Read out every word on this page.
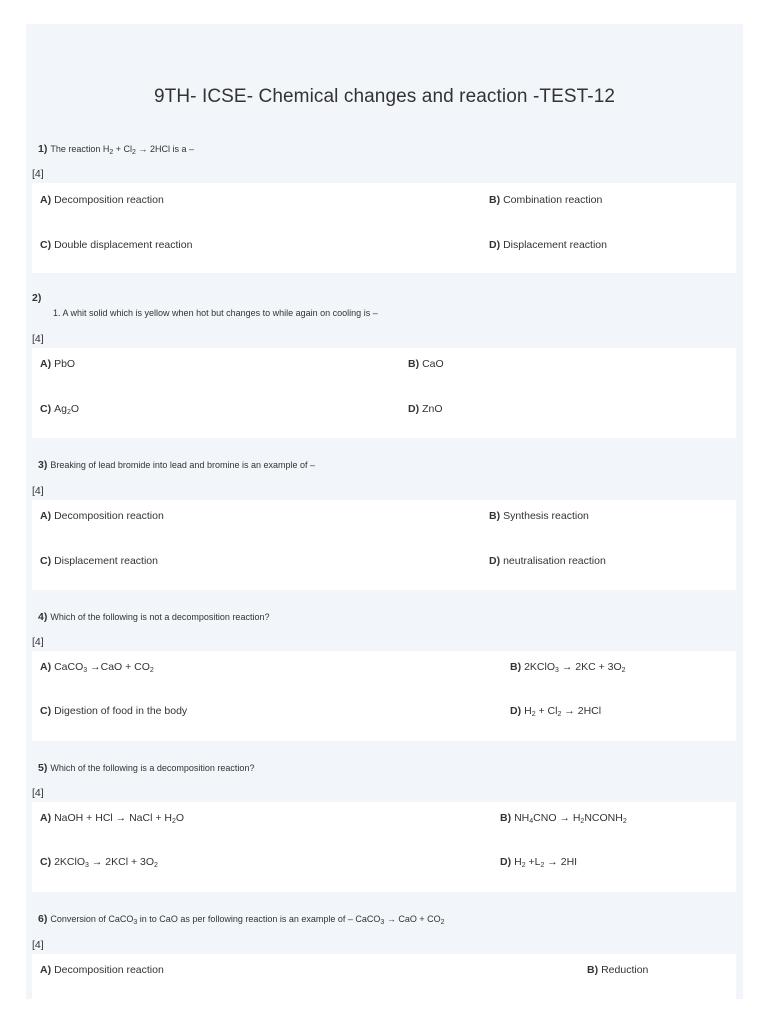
9TH- ICSE- Chemical changes and reaction -TEST-12
1) The reaction $H_2 + Cl_2 \to 2HCl$ is a –
[4]
A) Decomposition reaction	B) Combination reaction
C) Double displacement reaction	D) Displacement reaction
2)
1. A whit solid which is yellow when hot but changes to while again on cooling is –
[4]
A) PbO	B) CaO
C) $Ag_2O$	D) ZnO
3) Breaking of lead bromide into lead and bromine is an example of –
[4]
A) Decomposition reaction	B) Synthesis reaction
C) Displacement reaction	D) neutralisation reaction
4) Which of the following is not a decomposition reaction?
[4]
A) CaCO$_3$ $\to CaO + CO_2$	B) 2KClO$_3$ → $2KC + 3O_2$
C) Digestion of food in the body	D) $H_2 + Cl_2 \to 2HCl$
5) Which of the following is a decomposition reaction?
[4]
A) NaOH + HCl → NaCl + $H_2O$	B) $NH_4CNO$ → $H_2NCONH_2$
C) 2KClO$_3$ → $2KCl + 3O_2$	D) $H_2 +L_2 \to 2HI$
6) Conversion of CaCO$_3$ in to CaO as per following reaction is an example of – CaCO$_3$ → CaO + $CO_2$
[4]
A) Decomposition reaction	B) Reduction
